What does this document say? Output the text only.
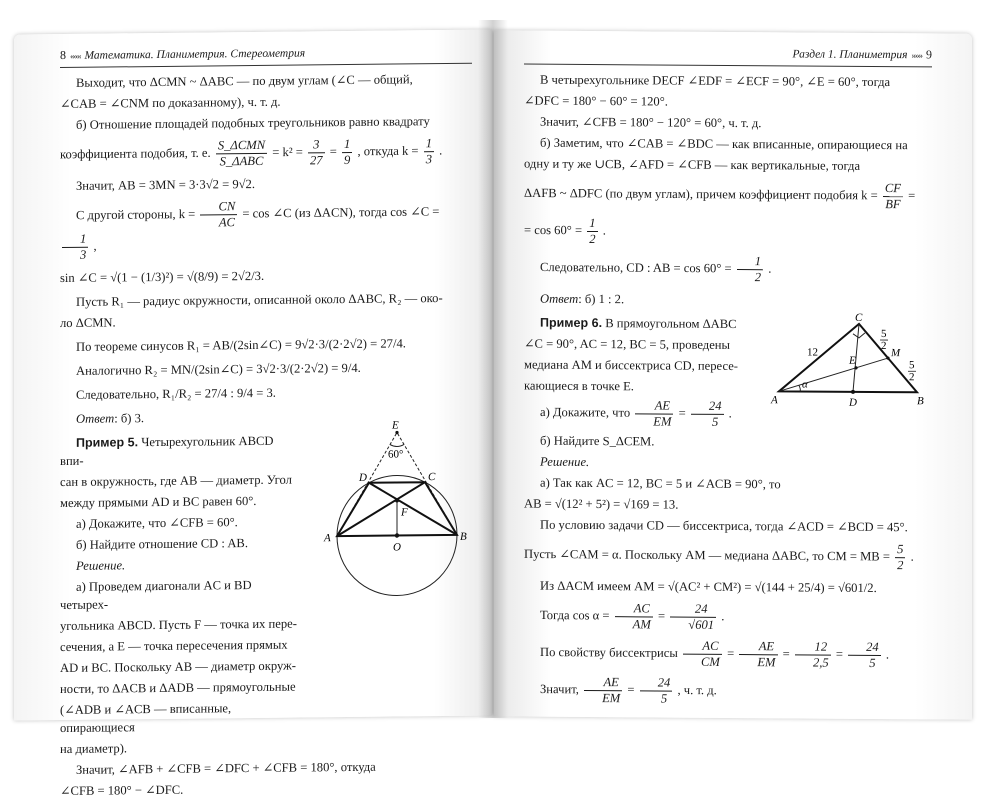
8 ««« Математика. Планиметрия. Стереометрия

Выходит, что ΔCMN ~ ΔABC — по двум углам (∠C — общий,

∠CAB = ∠CNM по доказанному), ч. т. д.

б) Отношение площадей подобных треугольников равно квадрату

коэффициента подобия, т. е. $\frac{\text{S\_ΔCMN}}{\text{S\_ΔABC}} = k^2 = \frac{3}{27} = \frac{1}{9}$ , откуда $k = \frac{1}{3}$ .

Значит, AB = 3MN = 3·3√2 = 9√2.

С другой стороны, $k = \frac{CN}{AC} = \cos$ ∠C (из ΔACN), тогда cos ∠C =
$\frac{1}{3}$ ,

sin ∠C = √(1 − (1/3)²) = √(8/9) = 2√2/3.

Пусть R₁ — радиус окружности, описанной около ΔABC, R₂ — око-

ло ΔCMN.

По теореме синусов R₁ = AB/(2sin∠C) = 9√2·3/(2·2√2) = 27/4.

Аналогично R₂ = MN/(2sin∠C) = 3√2·3/(2·2√2) = 9/4.

Следовательно, R₁/R₂ = 27/4 : 9/4 = 3.

Ответ: б) 3.

Пример 5. Четырехугольник ABCD впи-

сан в окружность, где AB — диаметр. Угол

между прямыми AD и BC равен 60°.

а) Докажите, что ∠CFB = 60°.

б) Найдите отношение CD : AB.

Решение.

а) Проведем диагонали AC и BD четырех-

угольника ABCD. Пусть F — точка их пере-

сечения, а E — точка пересечения прямых

AD и BC. Поскольку AB — диаметр окруж-

ности, то ΔACB и ΔADB — прямоугольные

(∠ADB и ∠ACB — вписанные, опирающиеся

на диаметр).

Значит, ∠AFB + ∠CFB = ∠DFC + ∠CFB = 180°, откуда

∠CFB = 180° − ∠DFC.

E
60°
D	C
F
A
O
B
Раздел 1. Планиметрия »»» 9

В четырехугольнике DECF ∠EDF = ∠ECF = 90°, ∠E = 60°, тогда

∠DFC = 180° − 60° = 120°.

Значит, ∠CFB = 180° − 120° = 60°, ч. т. д.

б) Заметим, что ∠CAB = ∠BDC — как вписанные, опирающиеся на

одну и ту же ∪CB, ∠AFD = ∠CFB — как вертикальные, тогда

ΔAFB ~ ΔDFC (по двум углам), причем коэффициент подобия $k = \frac{CF}{BF}$ =

= $\cos 60^\circ = \frac{1}{2}$ .

Следовательно, CD : AB = $\cos 60^\circ = \frac{1}{2}$ .

Ответ: б) 1 : 2.

Пример 6. В прямоугольном ΔABC

∠C = 90°, AC = 12, BC = 5, проведены

медиана AM и биссектриса CD, пересе-

кающиеся в точке E.

а) Докажите, что $\frac{AE}{EM} = \frac{24}{5}$ .

б) Найдите S_ΔCEM.

Решение.

а) Так как AC = 12, BC = 5 и ∠ACB = 90°, то

AB = √(12² + 5²) = √169 = 13.

По условию задачи CD — биссектриса, тогда ∠ACD = ∠BCD = 45°.

Пусть ∠CAM = α. Поскольку AM — медиана ΔABC, то CM = MB = $\frac{5}{2}$ .

Из ΔACM имеем AM = √(AC² + CM²) = √(144 + 25/4) = √601/2.

Тогда $\cos \alpha = \frac{AC}{AM} = \frac{24}{√601}$ .

По свойству биссектрисы $\frac{AC}{CM} = \frac{AE}{EM} = \frac{12}{2,5} = \frac{24}{5}$ .

Значит, $\frac{AE}{EM} = \frac{24}{5}$ , ч. т. д.

C
12
5
2
M
E
α
5
2
A	D	B
